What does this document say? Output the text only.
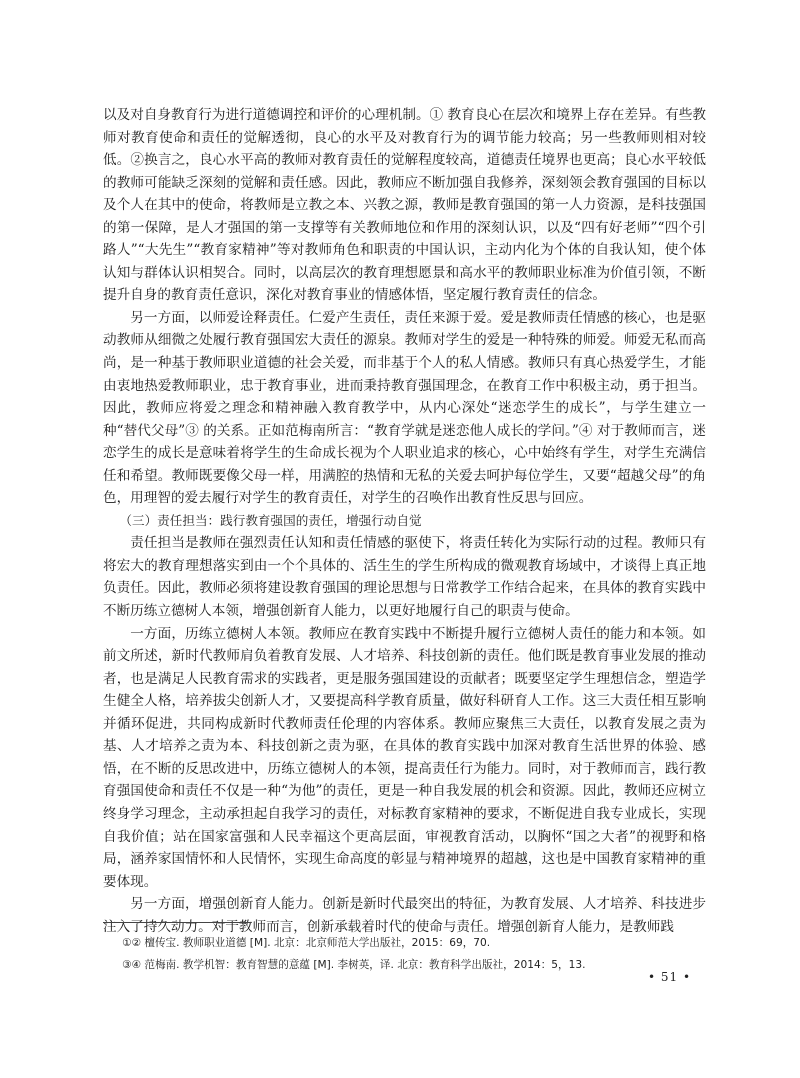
以及对自身教育行为进行道德调控和评价的心理机制。① 教育良心在层次和境界上存在差异。有些教师对教育使命和责任的觉解透彻，良心的水平及对教育行为的调节能力较高；另一些教师则相对较低。②换言之，良心水平高的教师对教育责任的觉解程度较高，道德责任境界也更高；良心水平较低的教师可能缺乏深刻的觉解和责任感。因此，教师应不断加强自我修养，深刻领会教育强国的目标以及个人在其中的使命，将教师是立教之本、兴教之源，教师是教育强国的第一人力资源，是科技强国的第一保障，是人才强国的第一支撑等有关教师地位和作用的深刻认识，以及“四有好老师”“四个引路人”“大先生”“教育家精神”等对教师角色和职责的中国认识，主动内化为个体的自我认知，使个体认知与群体认识相契合。同时，以高层次的教育理想愿景和高水平的教师职业标准为价值引领，不断提升自身的教育责任意识，深化对教育事业的情感体悟，坚定履行教育责任的信念。

另一方面，以师爱诠释责任。仁爱产生责任，责任来源于爱。爱是教师责任情感的核心，也是驱动教师从细微之处履行教育强国宏大责任的源泉。教师对学生的爱是一种特殊的师爱。师爱无私而高尚，是一种基于教师职业道德的社会关爱，而非基于个人的私人情感。教师只有真心热爱学生，才能由衷地热爱教师职业，忠于教育事业，进而秉持教育强国理念，在教育工作中积极主动，勇于担当。因此，教师应将爱之理念和精神融入教育教学中，从内心深处“迷恋学生的成长”，与学生建立一种“替代父母”③ 的关系。正如范梅南所言：“教育学就是迷恋他人成长的学问。”④ 对于教师而言，迷恋学生的成长是意味着将学生的生命成长视为个人职业追求的核心，心中始终有学生，对学生充满信任和希望。教师既要像父母一样，用满腔的热情和无私的关爱去呵护每位学生，又要“超越父母”的角色，用理智的爱去履行对学生的教育责任，对学生的召唤作出教育性反思与回应。

（三）责任担当：践行教育强国的责任，增强行动自觉

责任担当是教师在强烈责任认知和责任情感的驱使下，将责任转化为实际行动的过程。教师只有将宏大的教育理想落实到由一个个具体的、活生生的学生所构成的微观教育场域中，才谈得上真正地负责任。因此，教师必须将建设教育强国的理论思想与日常教学工作结合起来，在具体的教育实践中不断历练立德树人本领，增强创新育人能力，以更好地履行自己的职责与使命。

一方面，历练立德树人本领。教师应在教育实践中不断提升履行立德树人责任的能力和本领。如前文所述，新时代教师肩负着教育发展、人才培养、科技创新的责任。他们既是教育事业发展的推动者，也是满足人民教育需求的实践者，更是服务强国建设的贡献者；既要坚定学生理想信念，塑造学生健全人格，培养拔尖创新人才，又要提高科学教育质量，做好科研育人工作。这三大责任相互影响并循环促进，共同构成新时代教师责任伦理的内容体系。教师应聚焦三大责任，以教育发展之责为基、人才培养之责为本、科技创新之责为驱，在具体的教育实践中加深对教育生活世界的体验、感悟，在不断的反思改进中，历练立德树人的本领，提高责任行为能力。同时，对于教师而言，践行教育强国使命和责任不仅是一种“为他”的责任，更是一种自我发展的机会和资源。因此，教师还应树立终身学习理念，主动承担起自我学习的责任，对标教育家精神的要求，不断促进自我专业成长，实现自我价值；站在国家富强和人民幸福这个更高层面，审视教育活动，以胸怀“国之大者”的视野和格局，涵养家国情怀和人民情怀，实现生命高度的彰显与精神境界的超越，这也是中国教育家精神的重要体现。

另一方面，增强创新育人能力。创新是新时代最突出的特征，为教育发展、人才培养、科技进步注入了持久动力。对于教师而言，创新承载着时代的使命与责任。增强创新育人能力，是教师践

①② 檀传宝. 教师职业道德 [M]. 北京：北京师范大学出版社，2015：69，70.

③④ 范梅南. 教学机智：教育智慧的意蕴 [M]. 李树英，译. 北京：教育科学出版社，2014：5，13.

• 51 •
